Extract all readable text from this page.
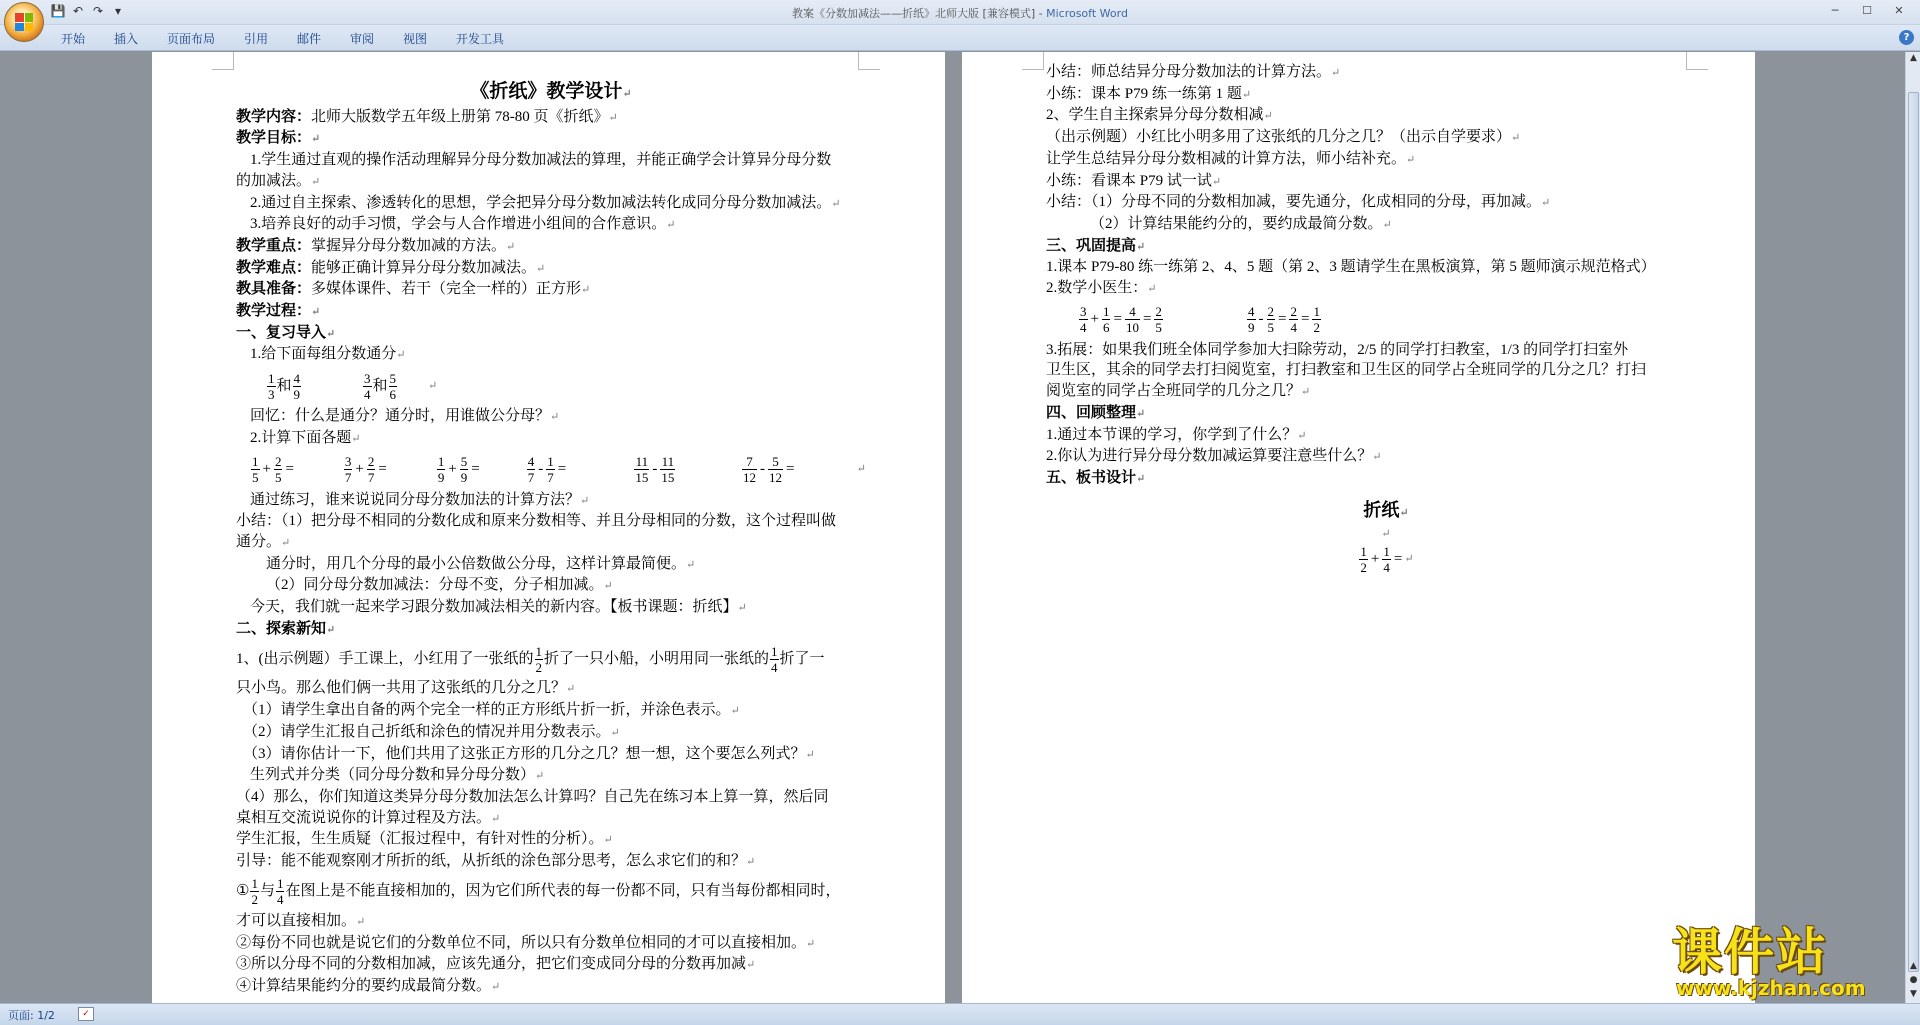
💾 ↶ ↷ ▾	教案《分数加减法——折纸》北师大版 [兼容模式] - Microsoft Word	─	☐	✕
开始 插入 页面布局 引用 邮件 审阅 视图 开发工具	?
《折纸》教学设计↵
教学内容：北师大版数学五年级上册第 78-80 页《折纸》↵
教学目标：↵
1.学生通过直观的操作活动理解异分母分数加减法的算理，并能正确学会计算异分母分数
的加减法。↵
2.通过自主探索、渗透转化的思想，学会把异分母分数加减法转化成同分母分数加减法。↵
3.培养良好的动手习惯，学会与人合作增进小组间的合作意识。↵
教学重点：掌握异分母分数加减的方法。↵
教学难点：能够正确计算异分母分数加减法。↵
教具准备：多媒体课件、若干（完全一样的）正方形↵
教学过程：↵
一、复习导入↵
1.给下面每组分数通分↵
1
3
和 4
9
3
4
和 5
6
↵
回忆：什么是通分？通分时，用谁做公分母？↵
2.计算下面各题↵
1
5
+ $\frac{2}{5}$ =	3
7
+ $\frac{2}{7}$ =	1
9
+ $\frac{5}{9}$ =	4
7
- $\frac{1}{7}$ =	11
15
- 11
15
7
12
- $\frac{5}{12}$ =	↵
通过练习，谁来说说同分母分数加法的计算方法？↵
小结：（1）把分母不相同的分数化成和原来分数相等、并且分母相同的分数，这个过程叫做
通分。↵
通分时，用几个分母的最小公倍数做公分母，这样计算最简便。↵
（2）同分母分数加减法：分母不变，分子相加减。↵
今天，我们就一起来学习跟分数加减法相关的新内容。【板书课题：折纸】↵
二、探索新知↵
1、(出示例题）手工课上，小红用了一张纸的 1
2
折了一只小船，小明用同一张纸的 1
4
折了一
只小鸟。那么他们俩一共用了这张纸的几分之几？↵
（1）请学生拿出自备的两个完全一样的正方形纸片折一折，并涂色表示。↵
（2）请学生汇报自己折纸和涂色的情况并用分数表示。↵
（3）请你估计一下，他们共用了这张正方形的几分之几？想一想，这个要怎么列式？↵
生列式并分类（同分母分数和异分母分数）↵
（4）那么，你们知道这类异分母分数加法怎么计算吗？自己先在练习本上算一算，然后同
桌相互交流说说你的计算过程及方法。↵
学生汇报，生生质疑（汇报过程中，有针对性的分析）。↵
引导：能不能观察刚才所折的纸，从折纸的涂色部分思考，怎么求它们的和？↵
① 1
2
与 1
4
在图上是不能直接相加的，因为它们所代表的每一份都不同，只有当每份都相同时，
才可以直接相加。↵
②每份不同也就是说它们的分数单位不同，所以只有分数单位相同的才可以直接相加。↵
③所以分母不同的分数相加减，应该先通分，把它们变成同分母的分数再加减↵
④计算结果能约分的要约成最简分数。↵
小结：师总结异分母分数加法的计算方法。↵
小练：课本 P79 练一练第 1 题↵
2、学生自主探索异分母分数相减↵
（出示例题）小红比小明多用了这张纸的几分之几？（出示自学要求）↵
让学生总结异分母分数相减的计算方法，师小结补充。↵
小练：看课本 P79 试一试↵
小结：（1）分母不同的分数相加减，要先通分，化成相同的分母，再加减。↵
（2）计算结果能约分的，要约成最简分数。↵
三、巩固提高↵
1.课本 P79-80 练一练第 2、4、5 题（第 2、3 题请学生在黑板演算，第 5 题师演示规范格式）
2.数学小医生：↵
3
4
+ $\frac{1}{6} = \frac{4}{10} = \frac{2}{5}$	4
9
- $\frac{2}{5} = \frac{2}{4} = \frac{1}{2}$
3.拓展：如果我们班全体同学参加大扫除劳动，2/5 的同学打扫教室，1/3 的同学打扫室外
卫生区，其余的同学去打扫阅览室，打扫教室和卫生区的同学占全班同学的几分之几？打扫
阅览室的同学占全班同学的几分之几？↵
四、回顾整理↵
1.通过本节课的学习，你学到了什么？↵
2.你认为进行异分母分数加减运算要注意些什么？↵
五、板书设计↵
折纸↵
↵
1
2
+ $\frac{1}{4}$ = ↵
▲
▲
●
▼
页面: 1/2	✓
课件站
www.kjzhan.com
